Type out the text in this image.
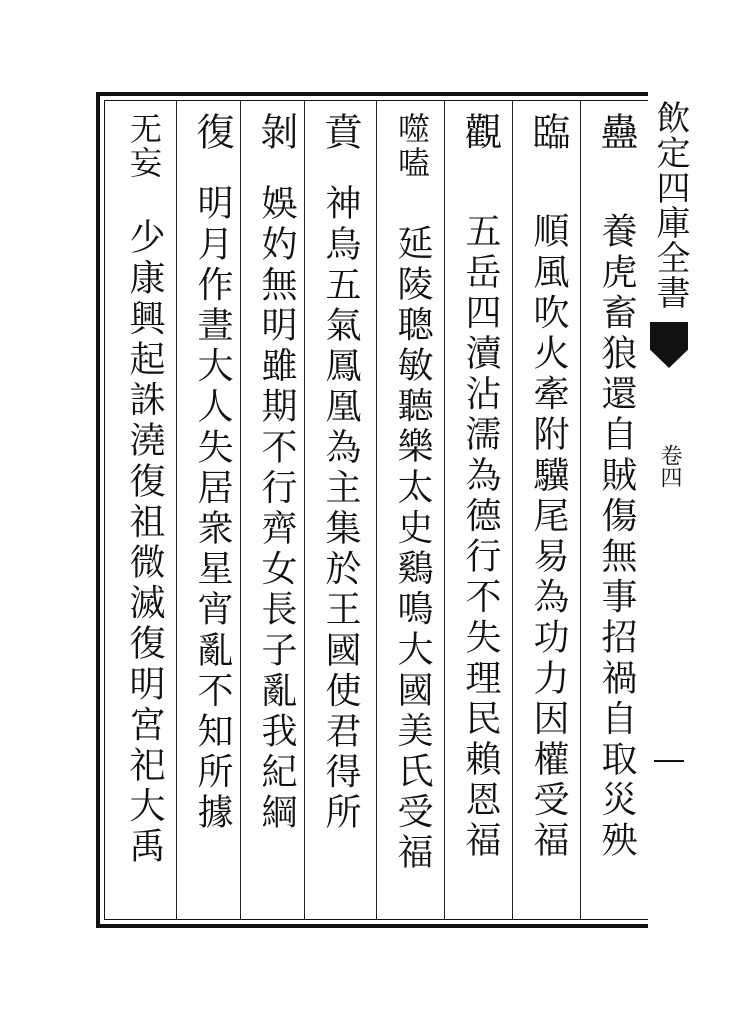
飲定四庫全書
卷四
蠱
養虎畜狼還自賊傷無事招禍自取災殃
臨
順風吹火牽附驥尾易為功力因權受福
觀
五岳四瀆沾濡為德行不失理民賴恩福
噬嗑
延陵聰敏聽樂太史鷄鳴大國美氏受福
賁
神鳥五氣鳳凰為主集於王國使君得所
剝
娛妁無明雖期不行齊女長子亂我紀綱
復
明月作晝大人失居衆星宵亂不知所據
无妄
少康興起誅澆復祖微滅復明宮祀大禹
